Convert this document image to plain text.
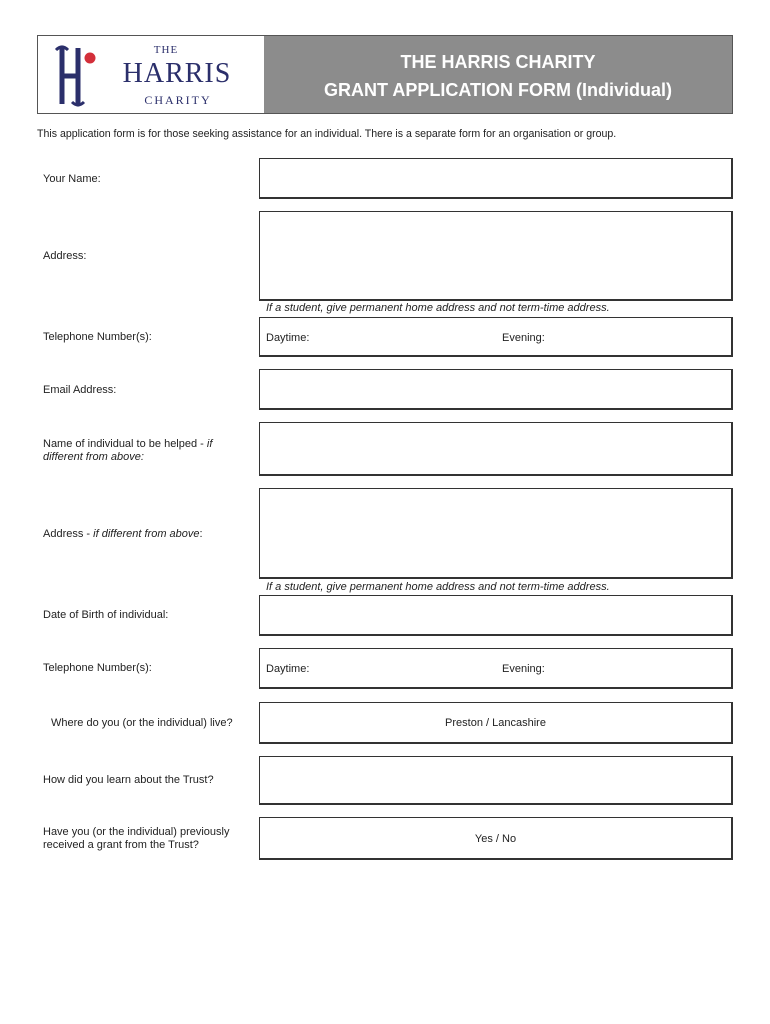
THE
HARRIS
CHARITY
THE HARRIS CHARITY
GRANT APPLICATION FORM (Individual)
This application form is for those seeking assistance for an individual. There is a separate form for an organisation or group.
Your Name:
Address:
If a student, give permanent home address and not term-time address.
Telephone Number(s):	Daytime:	Evening:
Email Address:
Name of individual to be helped - if different from above:
Address - if different from above:
If a student, give permanent home address and not term-time address.
Date of Birth of individual:
Telephone Number(s):	Daytime:	Evening:
Where do you (or the individual) live?	Preston / Lancashire
How did you learn about the Trust?
Have you (or the individual) previously received a grant from the Trust?	Yes / No
